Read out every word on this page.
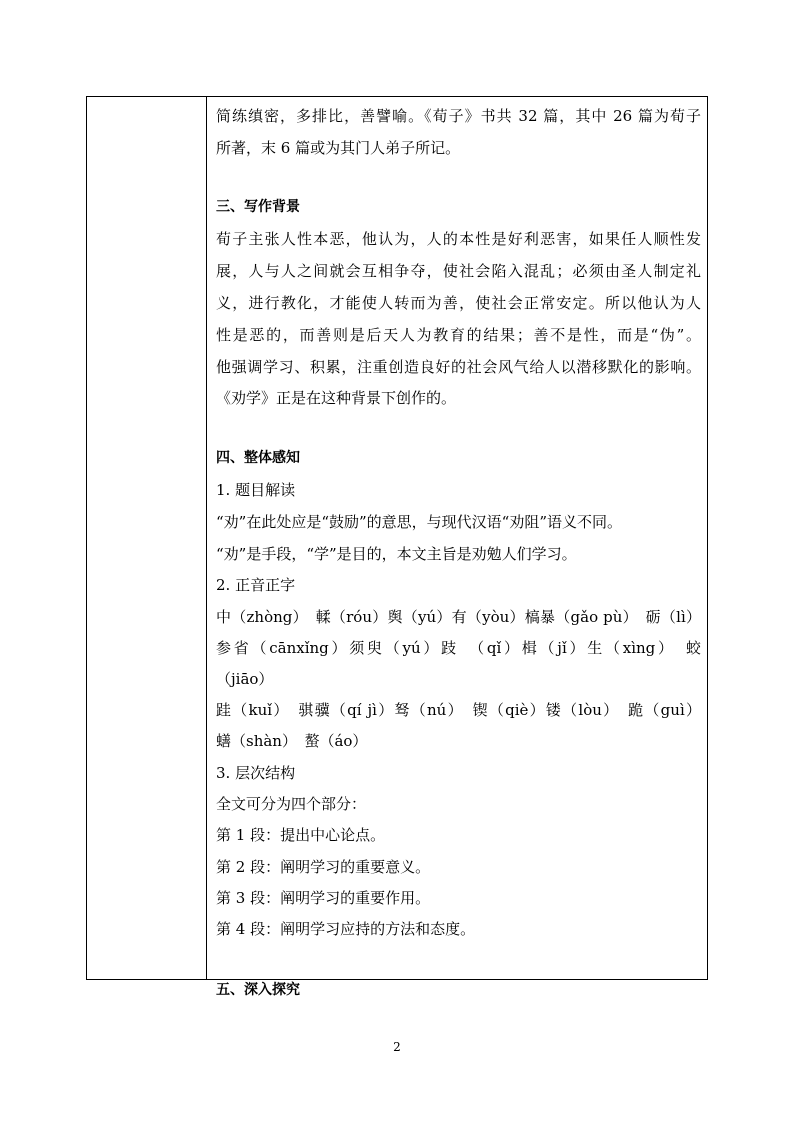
简练缜密，多排比，善譬喻。《荀子》书共 32 篇，其中 26 篇为荀子
所著，末 6 篇或为其门人弟子所记。
三、写作背景
荀子主张人性本恶，他认为，人的本性是好利恶害，如果任人顺性发
展，人与人之间就会互相争夺，使社会陷入混乱；必须由圣人制定礼
义，进行教化，才能使人转而为善，使社会正常安定。所以他认为人
性是恶的，而善则是后天人为教育的结果；善不是性，而是“伪”。
他强调学习、积累，注重创造良好的社会风气给人以潜移默化的影响。
《劝学》正是在这种背景下创作的。
四、整体感知
1. 题目解读
“劝”在此处应是“鼓励”的意思，与现代汉语“劝阻”语义不同。
“劝”是手段，“学”是目的，本文主旨是劝勉人们学习。
2. 正音正字
中（zhòng）　輮（róu）舆（yú）有（yòu）槁暴（gǎo pù）　砺（lì）
参省（cānxǐng）须臾（yú）跂　（qǐ）楫（jǐ）生（xìng）　蛟
（jiāo）
跬（kuǐ）　骐骥（qí jì）驽（nú）　锲（qiè）镂（lòu）　跪（guì）
蟮（shàn）　螯（áo）
3. 层次结构
全文可分为四个部分：
第 1 段：提出中心论点。
第 2 段：阐明学习的重要意义。
第 3 段：阐明学习的重要作用。
第 4 段：阐明学习应持的方法和态度。
五、深入探究
2
